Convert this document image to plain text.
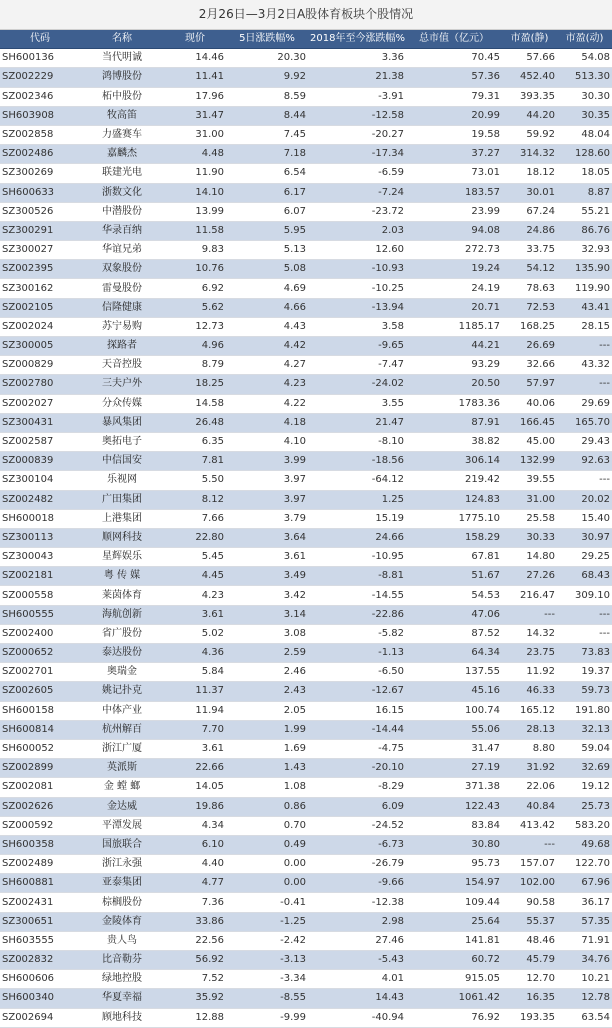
2月26日—3月2日A股体育板块个股情况
代码	名称	现价	5日涨跌幅%	2018年至今涨跌幅%	总市值（亿元）	市盈(静)	市盈(动)
SH600136	当代明诚	14.46	20.30	3.36	70.45	57.66	54.08
SZ002229	鸿博股份	11.41	9.92	21.38	57.36	452.40	513.30
SZ002346	柘中股份	17.96	8.59	-3.91	79.31	393.35	30.30
SH603908	牧高笛	31.47	8.44	-12.58	20.99	44.20	30.35
SZ002858	力盛赛车	31.00	7.45	-20.27	19.58	59.92	48.04
SZ002486	嘉麟杰	4.48	7.18	-17.34	37.27	314.32	128.60
SZ300269	联建光电	11.90	6.54	-6.59	73.01	18.12	18.05
SH600633	浙数文化	14.10	6.17	-7.24	183.57	30.01	8.87
SZ300526	中潜股份	13.99	6.07	-23.72	23.99	67.24	55.21
SZ300291	华录百纳	11.58	5.95	2.03	94.08	24.86	86.76
SZ300027	华谊兄弟	9.83	5.13	12.60	272.73	33.75	32.93
SZ002395	双象股份	10.76	5.08	-10.93	19.24	54.12	135.90
SZ300162	雷曼股份	6.92	4.69	-10.25	24.19	78.63	119.90
SZ002105	信隆健康	5.62	4.66	-13.94	20.71	72.53	43.41
SZ002024	苏宁易购	12.73	4.43	3.58	1185.17	168.25	28.15
SZ300005	探路者	4.96	4.42	-9.65	44.21	26.69	---
SZ000829	天音控股	8.79	4.27	-7.47	93.29	32.66	43.32
SZ002780	三夫户外	18.25	4.23	-24.02	20.50	57.97	---
SZ002027	分众传媒	14.58	4.22	3.55	1783.36	40.06	29.69
SZ300431	暴风集团	26.48	4.18	21.47	87.91	166.45	165.70
SZ002587	奥拓电子	6.35	4.10	-8.10	38.82	45.00	29.43
SZ000839	中信国安	7.81	3.99	-18.56	306.14	132.99	92.63
SZ300104	乐视网	5.50	3.97	-64.12	219.42	39.55	---
SZ002482	广田集团	8.12	3.97	1.25	124.83	31.00	20.02
SH600018	上港集团	7.66	3.79	15.19	1775.10	25.58	15.40
SZ300113	顺网科技	22.80	3.64	24.66	158.29	30.33	30.97
SZ300043	星辉娱乐	5.45	3.61	-10.95	67.81	14.80	29.25
SZ002181	粤 传 媒	4.45	3.49	-8.81	51.67	27.26	68.43
SZ000558	莱茵体育	4.23	3.42	-14.55	54.53	216.47	309.10
SH600555	海航创新	3.61	3.14	-22.86	47.06	---	---
SZ002400	省广股份	5.02	3.08	-5.82	87.52	14.32	---
SZ000652	泰达股份	4.36	2.59	-1.13	64.34	23.75	73.83
SZ002701	奥瑞金	5.84	2.46	-6.50	137.55	11.92	19.37
SZ002605	姚记扑克	11.37	2.43	-12.67	45.16	46.33	59.73
SH600158	中体产业	11.94	2.05	16.15	100.74	165.12	191.80
SH600814	杭州解百	7.70	1.99	-14.44	55.06	28.13	32.13
SH600052	浙江广厦	3.61	1.69	-4.75	31.47	8.80	59.04
SZ002899	英派斯	22.66	1.43	-20.10	27.19	31.92	32.69
SZ002081	金 螳 螂	14.05	1.08	-8.29	371.38	22.06	19.12
SZ002626	金达威	19.86	0.86	6.09	122.43	40.84	25.73
SZ000592	平潭发展	4.34	0.70	-24.52	83.84	413.42	583.20
SH600358	国旅联合	6.10	0.49	-6.73	30.80	---	49.68
SZ002489	浙江永强	4.40	0.00	-26.79	95.73	157.07	122.70
SH600881	亚泰集团	4.77	0.00	-9.66	154.97	102.00	67.96
SZ002431	棕榈股份	7.36	-0.41	-12.38	109.44	90.58	36.17
SZ300651	金陵体育	33.86	-1.25	2.98	25.64	55.37	57.35
SH603555	贵人鸟	22.56	-2.42	27.46	141.81	48.46	71.91
SZ002832	比音勒芬	56.92	-3.13	-5.43	60.72	45.79	34.76
SH600606	绿地控股	7.52	-3.34	4.01	915.05	12.70	10.21
SH600340	华夏幸福	35.92	-8.55	14.43	1061.42	16.35	12.78
SZ002694	顾地科技	12.88	-9.99	-40.94	76.92	193.35	63.54
